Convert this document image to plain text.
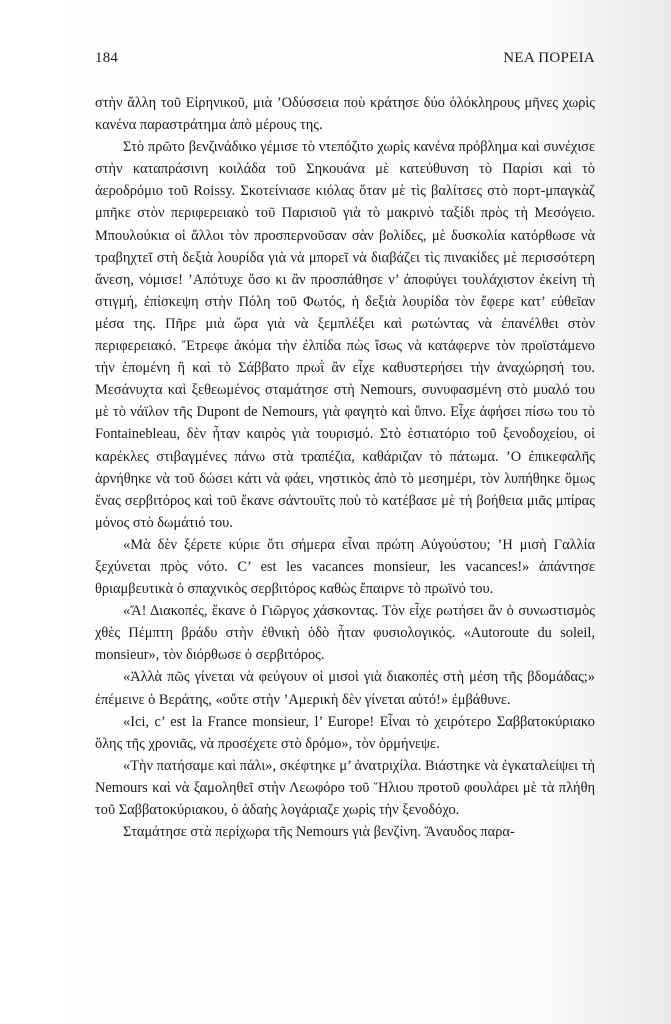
184	ΝΕΑ ΠΟΡΕΙΑ

στὴν ἄλλη τοῦ Εἰρηνικοῦ, μιὰ ’Οδύσσεια ποὺ κράτησε δύο ὁλόκληρους μῆνες χωρὶς κανένα παραστράτημα ἀπὸ μέρους της.

Στὸ πρῶτο βενζινάδικο γέμισε τὸ ντεπόζιτο χωρὶς κανένα πρόβλημα καὶ συνέχισε στὴν καταπράσινη κοιλάδα τοῦ Σηκουάνα μὲ κατεύθυνση τὸ Παρίσι καὶ τὸ ἀεροδρόμιο τοῦ Roissy. Σκοτείνιασε κιόλας ὅταν μὲ τὶς βαλίτσες στὸ πορτ-μπαγκὰζ μπῆκε στὸν περιφερειακὸ τοῦ Παρισιοῦ γιὰ τὸ μακρινὸ ταξίδι πρὸς τὴ Μεσόγειο. Μπουλούκια οἱ ἄλλοι τὸν προσπερνοῦσαν σὰν βολίδες, μὲ δυσκολία κατόρθωσε νὰ τραβηχτεῖ στὴ δεξιὰ λουρίδα γιὰ νὰ μπορεῖ νὰ διαβάζει τὶς πινακίδες μὲ περισσότερη ἄνεση, νόμισε! ’Απότυχε ὅσο κι ἂν προσπάθησε ν’ ἀποφύγει τουλάχιστον ἐκείνη τὴ στιγμή, ἐπίσκεψη στὴν Πόλη τοῦ Φωτός, ἡ δεξιὰ λουρίδα τὸν ἔφερε κατ’ εὐθεῖαν μέσα της. Πῆρε μιὰ ὥρα γιὰ νὰ ξεμπλέξει καὶ ρωτώντας νὰ ἐπανέλθει στὸν περιφερειακό. Ἔτρεφε ἀκόμα τὴν ἐλπίδα πὼς ἴσως νὰ κατάφερνε τὸν προϊστάμενο τὴν ἑπομένη ἢ καὶ τὸ Σάββατο πρωῒ ἂν εἶχε καθυστερήσει τὴν ἀναχώρησή του. Μεσάνυχτα καὶ ξεθεωμένος σταμάτησε στὴ Nemours, συνυφασμένη στὸ μυαλό του μὲ τὸ νάϊλον τῆς Dupont de Nemours, γιὰ φαγητὸ καὶ ὕπνο. Εἶχε ἀφήσει πίσω του τὸ Fontainebleau, δὲν ἦταν καιρὸς γιὰ τουρισμό. Στὸ ἑστιατόριο τοῦ ξενοδοχείου, οἱ καρέκλες στιβαγμένες πάνω στὰ τραπέζια, καθάριζαν τὸ πάτωμα. ’Ο ἐπικεφαλῆς ἀρνήθηκε νὰ τοῦ δώσει κάτι νὰ φάει, νηστικὸς ἀπὸ τὸ μεσημέρι, τὸν λυπήθηκε ὅμως ἕνας σερβιτόρος καὶ τοῦ ἔκανε σάντουϊτς ποὺ τὸ κατέβασε μὲ τὴ βοήθεια μιᾶς μπίρας μόνος στὸ δωμάτιό του.

«Μὰ δὲν ξέρετε κύριε ὅτι σήμερα εἶναι πρώτη Αὐγούστου; ’Η μισὴ Γαλλία ξεχύνεται πρὸς νότο. C’ est les vacances monsieur, les vacances!» ἀπάντησε θριαμβευτικὰ ὁ σπαχνικὸς σερβιτόρος καθὼς ἔπαιρνε τὸ πρωϊνό του.

«Ἄ! Διακοπές, ἔκανε ὁ Γιῶργος χάσκοντας. Τὸν εἶχε ρωτήσει ἂν ὁ συνωστισμὸς χθὲς Πέμπτη βράδυ στὴν ἐθνικὴ ὁδὸ ἦταν φυσιολογικός. «Autoroute du soleil, monsieur», τὸν διόρθωσε ὁ σερβιτόρος.

«Ἀλλὰ πῶς γίνεται νὰ φεύγουν οἱ μισοὶ γιὰ διακοπὲς στὴ μέση τῆς βδομάδας;» ἐπέμεινε ὁ Βεράτης, «οὔτε στὴν ’Αμερικὴ δὲν γίνεται αὐτό!» ἐμβάθυνε.

«Ici, c’ est la France monsieur, l’ Europe! Εἶναι τὸ χειρότερο Σαββατοκύριακο ὅλης τῆς χρονιᾶς, νὰ προσέχετε στὸ δρόμο», τὸν ὁρμήνεψε.

«Τὴν πατήσαμε καὶ πάλι», σκέφτηκε μ’ ἀνατριχίλα. Βιάστηκε νὰ ἐγκαταλείψει τὴ Nemours καὶ νὰ ξαμοληθεῖ στὴν Λεωφόρο τοῦ Ἥλιου προτοῦ φουλάρει μὲ τὰ πλήθη τοῦ Σαββατοκύριακου, ὁ ἀδαὴς λογάριαζε χωρὶς τὴν ξενοδόχο.

Σταμάτησε στὰ περίχωρα τῆς Nemours γιὰ βενζίνη. Ἄναυδος παρα-
